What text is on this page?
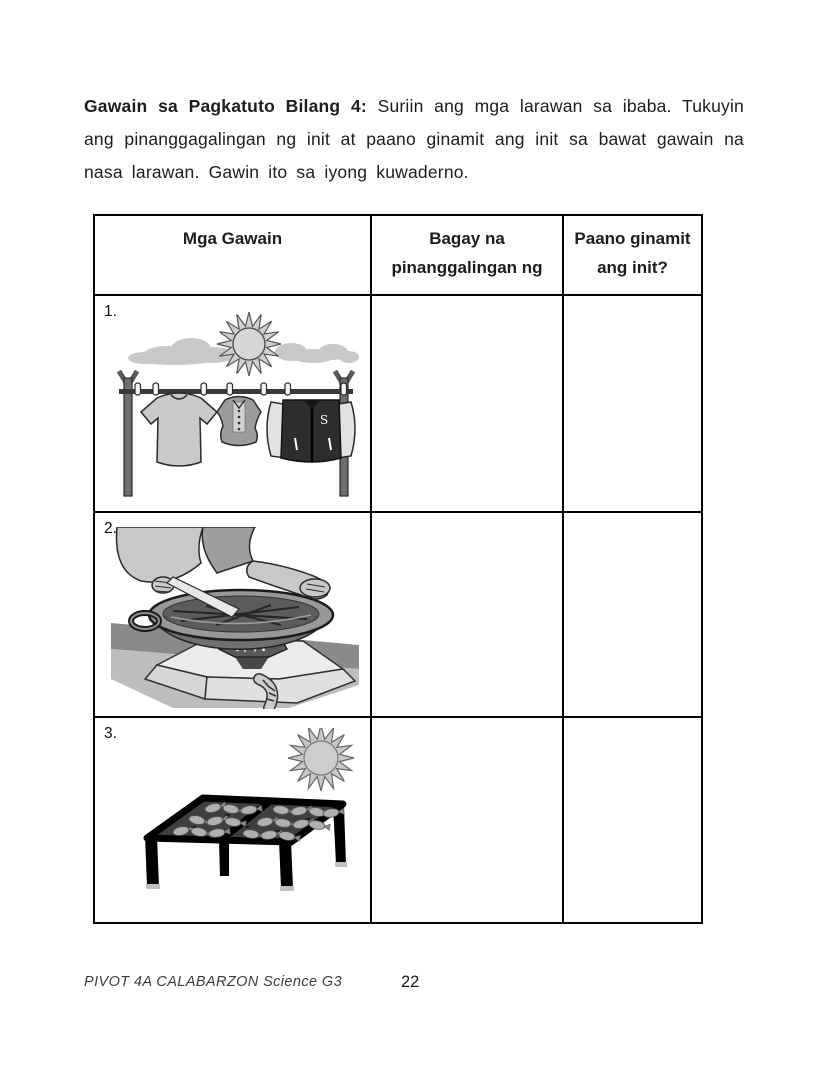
Gawain sa Pagkatuto Bilang 4: Suriin ang mga larawan sa ibaba. Tukuyin ang pinanggagalingan ng init at paano ginamit ang init sa bawat gawain na nasa larawan. Gawin ito sa iyong kuwaderno.

Mga Gawain	Bagay na
pinanggalingan ng
Paano ginamit
ang init?
1.
S
2.
3.
PIVOT 4A CALABARZON Science G3	22
